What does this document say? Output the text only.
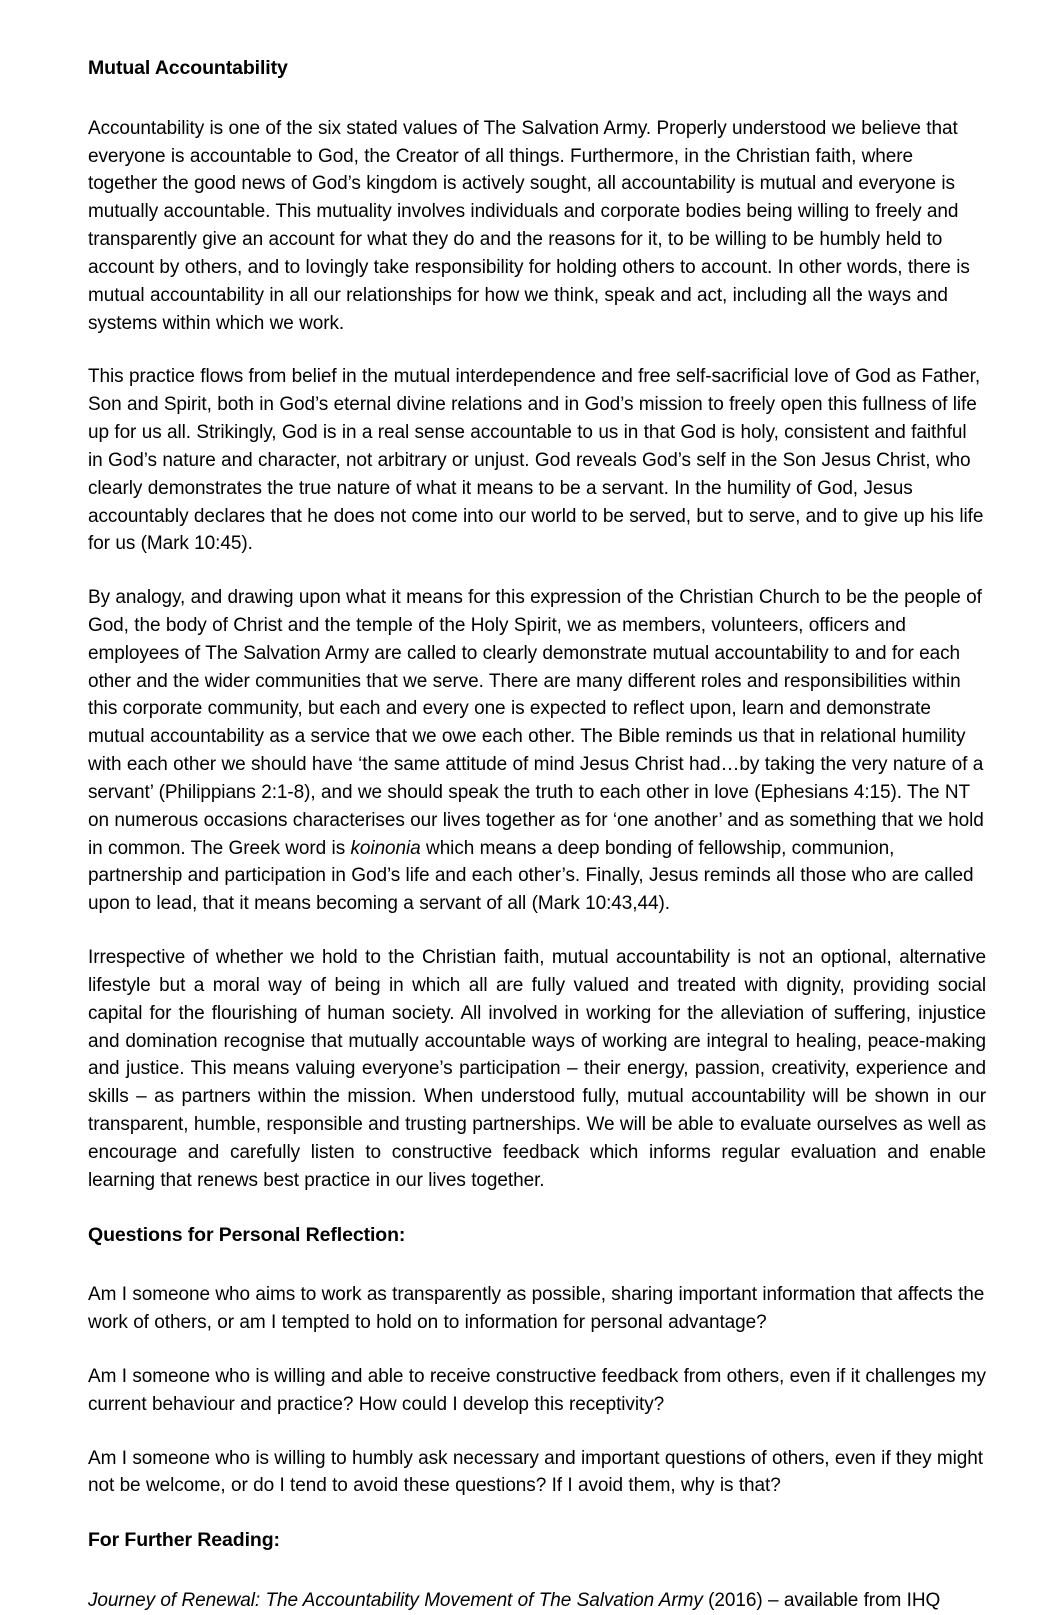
Mutual Accountability

Accountability is one of the six stated values of The Salvation Army. Properly understood we believe that everyone is accountable to God, the Creator of all things. Furthermore, in the Christian faith, where together the good news of God’s kingdom is actively sought, all accountability is mutual and everyone is mutually accountable. This mutuality involves individuals and corporate bodies being willing to freely and transparently give an account for what they do and the reasons for it, to be willing to be humbly held to account by others, and to lovingly take responsibility for holding others to account. In other words, there is mutual accountability in all our relationships for how we think, speak and act, including all the ways and systems within which we work.

This practice flows from belief in the mutual interdependence and free self-sacrificial love of God as Father, Son and Spirit, both in God’s eternal divine relations and in God’s mission to freely open this fullness of life up for us all. Strikingly, God is in a real sense accountable to us in that God is holy, consistent and faithful in God’s nature and character, not arbitrary or unjust. God reveals God’s self in the Son Jesus Christ, who clearly demonstrates the true nature of what it means to be a servant. In the humility of God, Jesus accountably declares that he does not come into our world to be served, but to serve, and to give up his life for us (Mark 10:45).

By analogy, and drawing upon what it means for this expression of the Christian Church to be the people of God, the body of Christ and the temple of the Holy Spirit, we as members, volunteers, officers and employees of The Salvation Army are called to clearly demonstrate mutual accountability to and for each other and the wider communities that we serve. There are many different roles and responsibilities within this corporate community, but each and every one is expected to reflect upon, learn and demonstrate mutual accountability as a service that we owe each other. The Bible reminds us that in relational humility with each other we should have ‘the same attitude of mind Jesus Christ had…by taking the very nature of a servant’ (Philippians 2:1-8), and we should speak the truth to each other in love (Ephesians 4:15). The NT on numerous occasions characterises our lives together as for ‘one another’ and as something that we hold in common. The Greek word is koinonia which means a deep bonding of fellowship, communion, partnership and participation in God’s life and each other’s. Finally, Jesus reminds all those who are called upon to lead, that it means becoming a servant of all (Mark 10:43,44).

Irrespective of whether we hold to the Christian faith, mutual accountability is not an optional, alternative lifestyle but a moral way of being in which all are fully valued and treated with dignity, providing social capital for the flourishing of human society. All involved in working for the alleviation of suffering, injustice and domination recognise that mutually accountable ways of working are integral to healing, peace-making and justice. This means valuing everyone’s participation – their energy, passion, creativity, experience and skills – as partners within the mission. When understood fully, mutual accountability will be shown in our transparent, humble, responsible and trusting partnerships. We will be able to evaluate ourselves as well as encourage and carefully listen to constructive feedback which informs regular evaluation and enable learning that renews best practice in our lives together.

Questions for Personal Reflection:

Am I someone who aims to work as transparently as possible, sharing important information that affects the work of others, or am I tempted to hold on to information for personal advantage?

Am I someone who is willing and able to receive constructive feedback from others, even if it challenges my current behaviour and practice? How could I develop this receptivity?

Am I someone who is willing to humbly ask necessary and important questions of others, even if they might not be welcome, or do I tend to avoid these questions? If I avoid them, why is that?

For Further Reading:

Journey of Renewal: The Accountability Movement of The Salvation Army (2016) – available from IHQ
